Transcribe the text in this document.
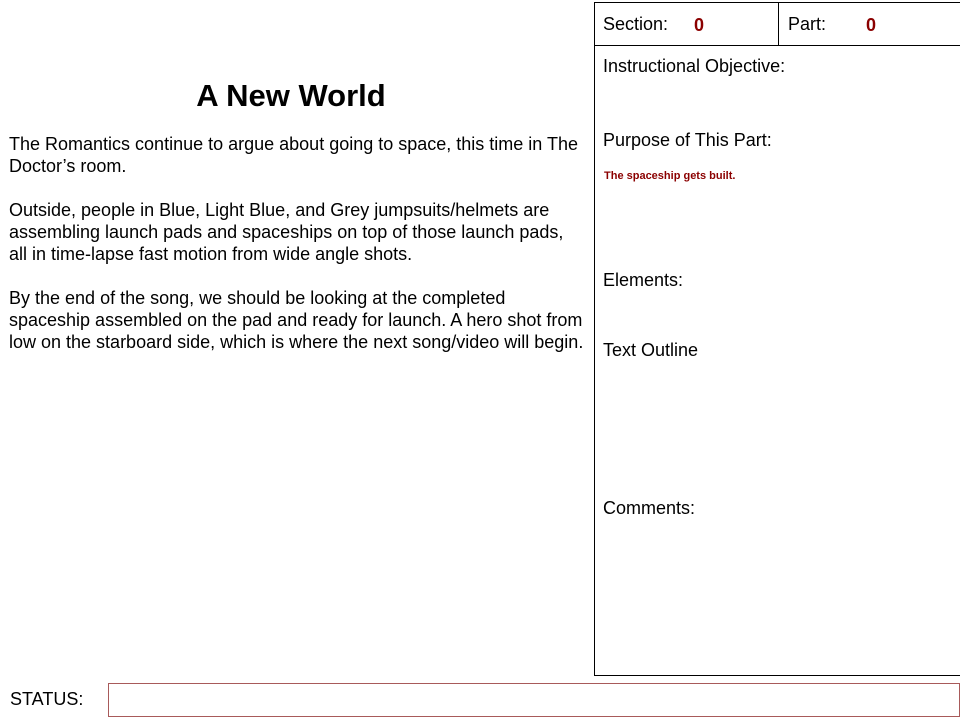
A New World

The Romantics continue to argue about going to space, this time in The Doctor’s room.

Outside, people in Blue, Light Blue, and Grey jumpsuits/helmets are assembling launch pads and spaceships on top of those launch pads, all in time-lapse fast motion from wide angle shots.

By the end of the song, we should be looking at the completed spaceship assembled on the pad and ready for launch. A hero shot from low on the starboard side, which is where the next song/video will begin.

Section: 0	Part: 0
Instructional Objective:
Purpose of This Part:
The spaceship gets built.
Elements:
Text Outline
Comments:
STATUS:
